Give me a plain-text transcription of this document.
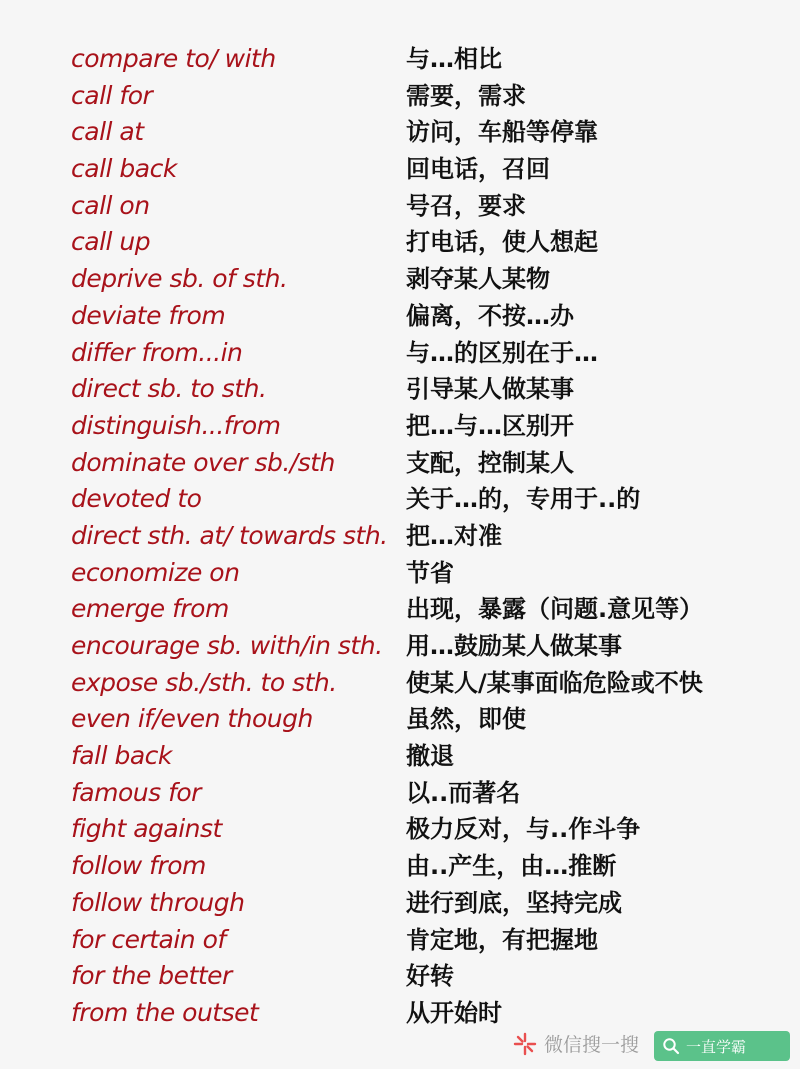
compare to/ with	与…相比
call for	需要，需求
call at	访问，车船等停靠
call back	回电话，召回
call on	号召，要求
call up	打电话，使人想起
deprive sb. of sth.	剥夺某人某物
deviate from	偏离，不按…办
differ from...in	与…的区别在于…
direct sb. to sth.	引导某人做某事
distinguish...from	把…与…区别开
dominate over sb./sth	支配，控制某人
devoted to	关于…的，专用于..的
direct sth. at/ towards sth. 把…对准
economize on	节省
emerge from	出现，暴露（问题.意见等）
encourage sb. with/in sth. 用…鼓励某人做某事
expose sb./sth. to sth.	使某人/某事面临危险或不快
even if/even though	虽然，即使
fall back	撤退
famous for	以..而著名
fight against	极力反对，与..作斗争
follow from	由..产生，由…推断
follow through	进行到底，坚持完成
for certain of	肯定地，有把握地
for the better	好转
from the outset	从开始时
微信搜一搜	一直学霸
